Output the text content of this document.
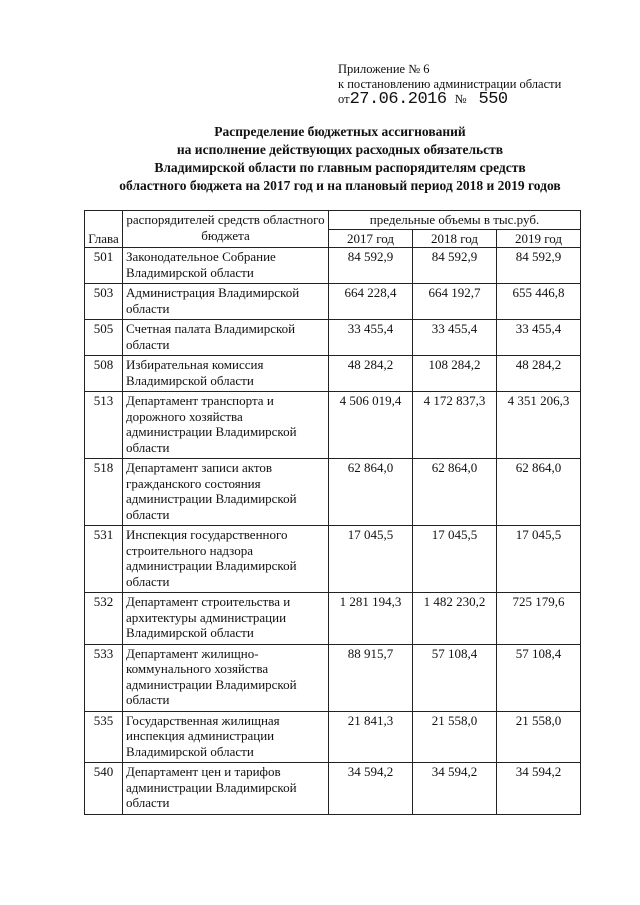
Приложение № 6
к постановлению администрации области
от 27.06.2016 № 550
Распределение бюджетных ассигнований
на исполнение действующих расходных обязательств
Владимирской области по главным распорядителям средств
областного бюджета на 2017 год и на плановый период 2018 и 2019 годов
Глава	распорядителей средств областного бюджета	предельные объемы в тыс.руб.		
		2017 год	2018 год	2019 год
501	Законодательное Собрание Владимирской области	84 592,9	84 592,9	84 592,9
503	Администрация Владимирской области	664 228,4	664 192,7	655 446,8
505	Счетная палата Владимирской области	33 455,4	33 455,4	33 455,4
508	Избирательная комиссия Владимирской области	48 284,2	108 284,2	48 284,2
513	Департамент транспорта и дорожного хозяйства администрации Владимирской области	4 506 019,4	4 172 837,3	4 351 206,3
518	Департамент записи актов гражданского состояния администрации Владимирской области	62 864,0	62 864,0	62 864,0
531	Инспекция государственного строительного надзора администрации Владимирской области	17 045,5	17 045,5	17 045,5
532	Департамент строительства и архитектуры администрации Владимирской области	1 281 194,3	1 482 230,2	725 179,6
533	Департамент жилищно-коммунального хозяйства администрации Владимирской области	88 915,7	57 108,4	57 108,4
535	Государственная жилищная инспекция администрации Владимирской области	21 841,3	21 558,0	21 558,0
540	Департамент цен и тарифов администрации Владимирской области	34 594,2	34 594,2	34 594,2
